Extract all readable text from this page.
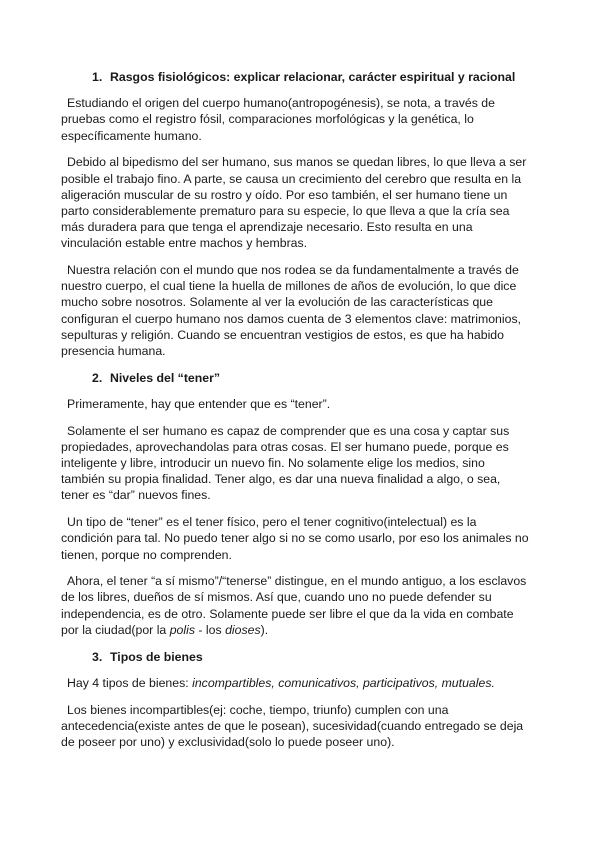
1. Rasgos fisiológicos: explicar relacionar, carácter espiritual y racional

Estudiando el origen del cuerpo humano(antropogénesis), se nota, a través de pruebas como el registro fósil, comparaciones morfológicas y la genética, lo específicamente humano.

Debido al bipedismo del ser humano, sus manos se quedan libres, lo que lleva a ser posible el trabajo fino. A parte, se causa un crecimiento del cerebro que resulta en la aligeración muscular de su rostro y oído. Por eso también, el ser humano tiene un parto considerablemente prematuro para su especie, lo que lleva a que la cría sea más duradera para que tenga el aprendizaje necesario. Esto resulta en una vinculación estable entre machos y hembras.

Nuestra relación con el mundo que nos rodea se da fundamentalmente a través de nuestro cuerpo, el cual tiene la huella de millones de años de evolución, lo que dice mucho sobre nosotros. Solamente al ver la evolución de las características que configuran el cuerpo humano nos damos cuenta de 3 elementos clave: matrimonios, sepulturas y religión. Cuando se encuentran vestigios de estos, es que ha habido presencia humana.

2. Niveles del “tener”

Primeramente, hay que entender que es “tener”.

Solamente el ser humano es capaz de comprender que es una cosa y captar sus propiedades, aprovechandolas para otras cosas. El ser humano puede, porque es inteligente y libre, introducir un nuevo fin. No solamente elige los medios, sino también su propia finalidad. Tener algo, es dar una nueva finalidad a algo, o sea, tener es “dar” nuevos fines.

Un tipo de “tener” es el tener físico, pero el tener cognitivo(intelectual) es la condición para tal. No puedo tener algo si no se como usarlo, por eso los animales no tienen, porque no comprenden.

Ahora, el tener “a sí mismo”/“tenerse” distingue, en el mundo antiguo, a los esclavos de los libres, dueños de sí mismos. Así que, cuando uno no puede defender su independencia, es de otro. Solamente puede ser libre el que da la vida en combate por la ciudad(por la polis - los dioses).

3. Tipos de bienes

Hay 4 tipos de bienes: incompartibles, comunicativos, participativos, mutuales.

Los bienes incompartibles(ej: coche, tiempo, triunfo) cumplen con una antecedencia(existe antes de que le posean), sucesividad(cuando entregado se deja de poseer por uno) y exclusividad(solo lo puede poseer uno).
